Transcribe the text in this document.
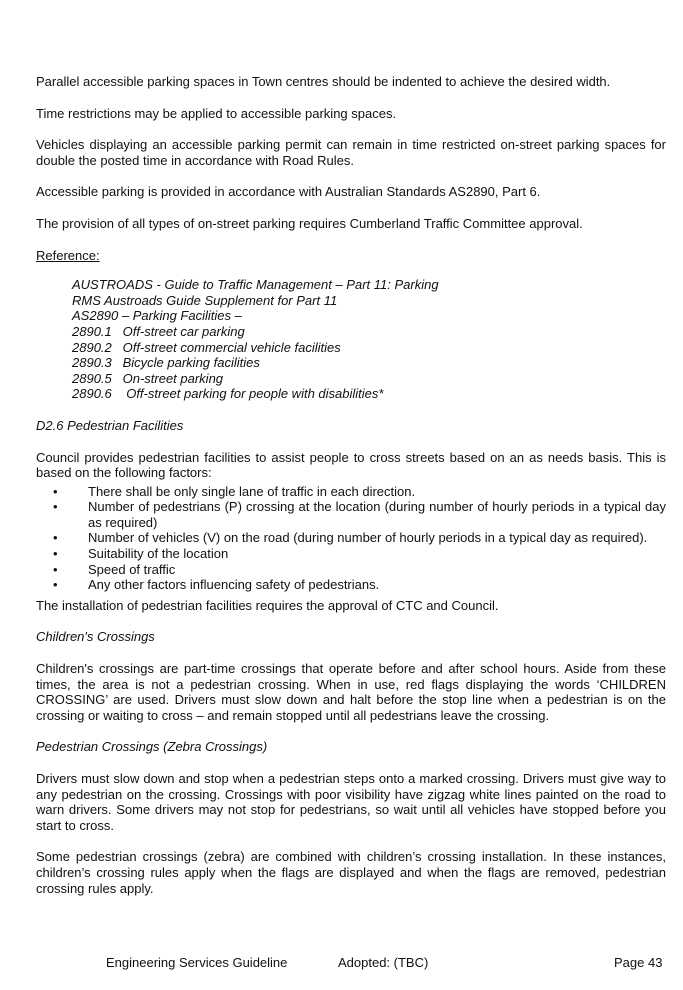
Parallel accessible parking spaces in Town centres should be indented to achieve the desired width.

Time restrictions may be applied to accessible parking spaces.

Vehicles displaying an accessible parking permit can remain in time restricted on-street parking spaces for double the posted time in accordance with Road Rules.

Accessible parking is provided in accordance with Australian Standards AS2890, Part 6.

The provision of all types of on-street parking requires Cumberland Traffic Committee approval.

Reference:

AUSTROADS - Guide to Traffic Management – Part 11: Parking
RMS Austroads Guide Supplement for Part 11
AS2890 – Parking Facilities –
2890.1   Off-street car parking
2890.2   Off-street commercial vehicle facilities
2890.3   Bicycle parking facilities
2890.5   On-street parking
2890.6    Off-street parking for people with disabilities*

D2.6 Pedestrian Facilities

Council provides pedestrian facilities to assist people to cross streets based on an as needs basis. This is based on the following factors:

• There shall be only single lane of traffic in each direction.
• Number of pedestrians (P) crossing at the location (during number of hourly periods in a typical day as required)
• Number of vehicles (V) on the road (during number of hourly periods in a typical day as required).
• Suitability of the location
• Speed of traffic
• Any other factors influencing safety of pedestrians.

The installation of pedestrian facilities requires the approval of CTC and Council.

Children's Crossings

Children's crossings are part-time crossings that operate before and after school hours. Aside from these times, the area is not a pedestrian crossing. When in use, red flags displaying the words ‘CHILDREN CROSSING’ are used. Drivers must slow down and halt before the stop line when a pedestrian is on the crossing or waiting to cross – and remain stopped until all pedestrians leave the crossing.

Pedestrian Crossings (Zebra Crossings)

Drivers must slow down and stop when a pedestrian steps onto a marked crossing. Drivers must give way to any pedestrian on the crossing. Crossings with poor visibility have zigzag white lines painted on the road to warn drivers. Some drivers may not stop for pedestrians, so wait until all vehicles have stopped before you start to cross.

Some pedestrian crossings (zebra) are combined with children’s crossing installation. In these instances, children’s crossing rules apply when the flags are displayed and when the flags are removed, pedestrian crossing rules apply.

Engineering Services Guideline	Adopted: (TBC)	Page 43
